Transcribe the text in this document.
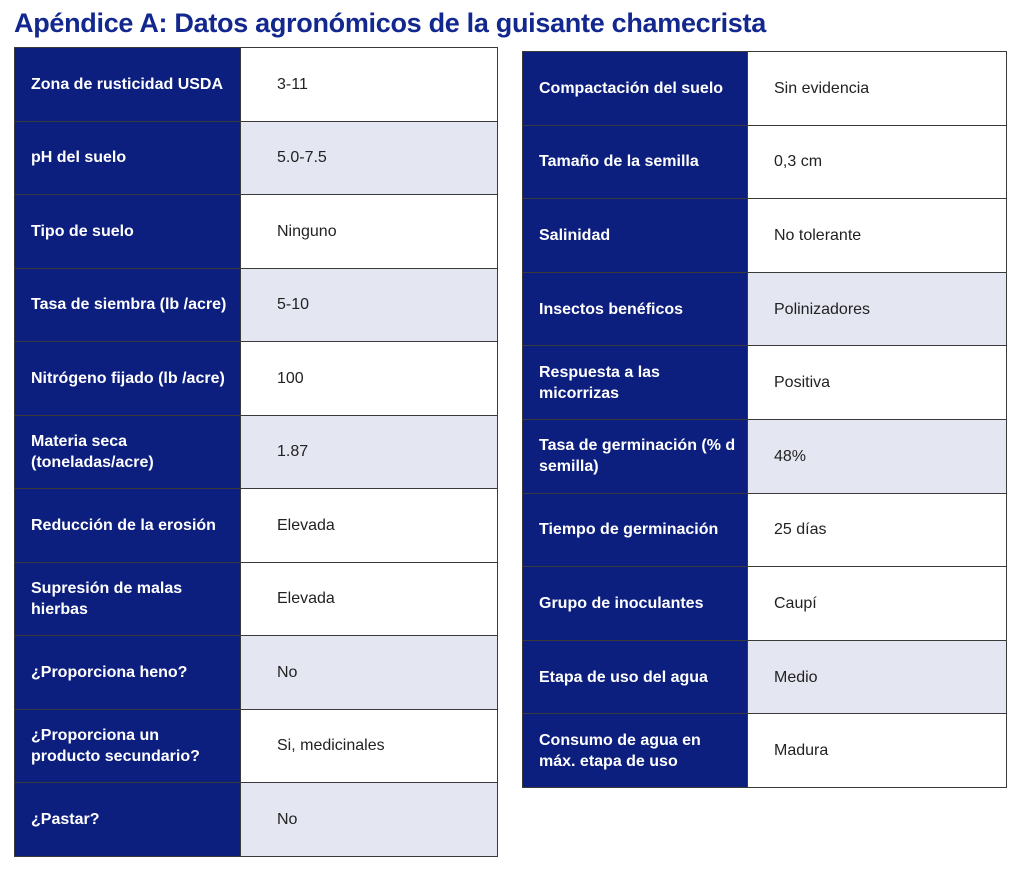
Apéndice A: Datos agronómicos de la guisante chamecrista
Zona de rusticidad USDA	3-11
pH del suelo	5.0-7.5
Tipo de suelo	Ninguno
Tasa de siembra (lb /acre)	5-10
Nitrógeno fijado (lb /acre)	100
Materia seca (toneladas/acre)	1.87
Reducción de la erosión	Elevada
Supresión de malas hierbas	Elevada
¿Proporciona heno?	No
¿Proporciona un producto secundario?	Si, medicinales
¿Pastar?	No
Compactación del suelo	Sin evidencia
Tamaño de la semilla	0,3 cm
Salinidad	No tolerante
Insectos benéficos	Polinizadores
Respuesta a las micorrizas	Positiva
Tasa de germinación (% d semilla)	48%
Tiempo de germinación	25 días
Grupo de inoculantes	Caupí
Etapa de uso del agua	Medio
Consumo de agua en máx. etapa de uso	Madura
